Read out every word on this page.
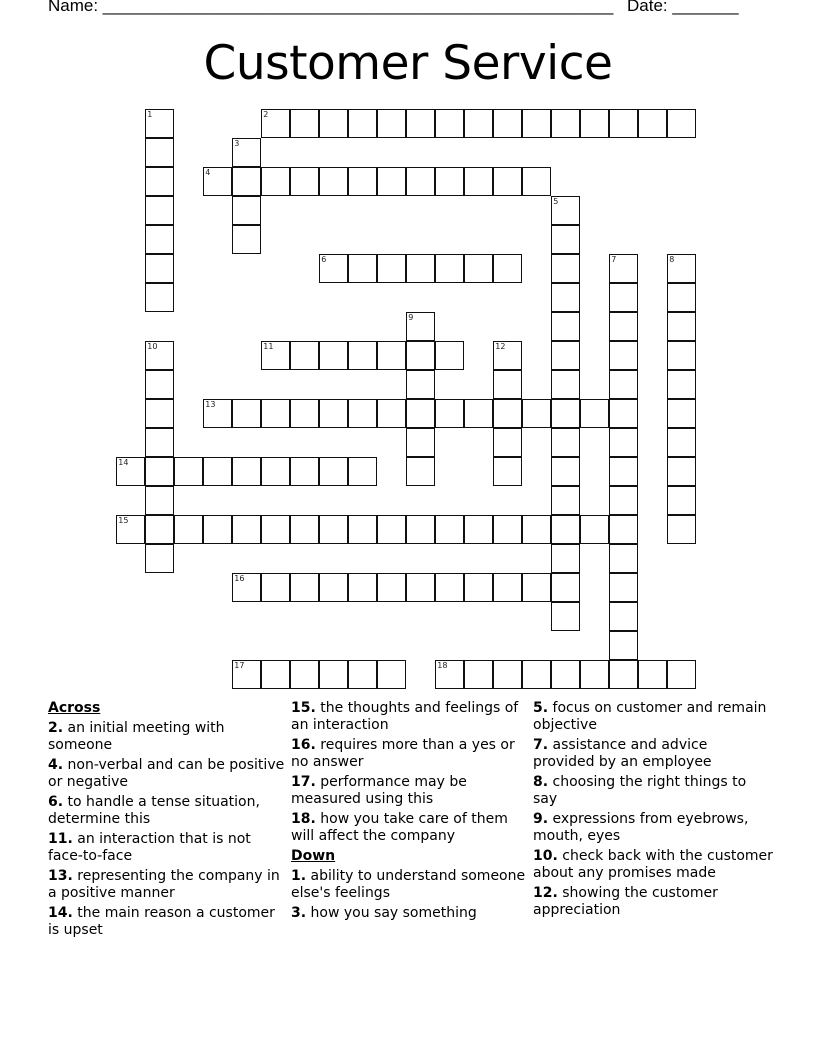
Name: ______________________________________________________ Date: _______
Customer Service
1	2
3
4
5
6	7	8
9
10	11	12
13
14
15
16
17	18
Across
2. an initial meeting with someone
4. non-verbal and can be positive or negative
6. to handle a tense situation, determine this
11. an interaction that is not face-to-face
13. representing the company in a positive manner
14. the main reason a customer is upset
15. the thoughts and feelings of an interaction
16. requires more than a yes or no answer
17. performance may be measured using this
18. how you take care of them will affect the company
Down
1. ability to understand someone else's feelings
3. how you say something
5. focus on customer and remain objective
7. assistance and advice provided by an employee
8. choosing the right things to say
9. expressions from eyebrows, mouth, eyes
10. check back with the customer about any promises made
12. showing the customer appreciation
